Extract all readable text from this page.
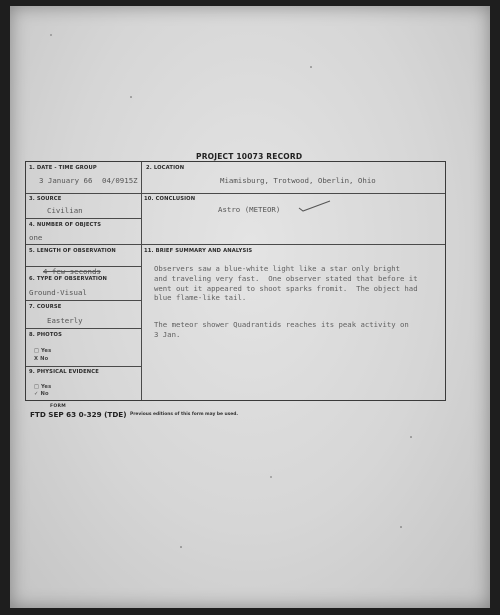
PROJECT 10073 RECORD
1. DATE - TIME GROUP
3 January 66 04/0915Z
2. LOCATION
Miamisburg, Trotwood, Oberlin, Ohio
3. SOURCE
Civilian
10. CONCLUSION
Astro (METEOR)
4. NUMBER OF OBJECTS
one
5. LENGTH OF OBSERVATION
4 few seconds
6. TYPE OF OBSERVATION
Ground-Visual
7. COURSE
Easterly
8. PHOTOS
□ Yes
X No
9. PHYSICAL EVIDENCE
□ Yes
✓ No
11. BRIEF SUMMARY AND ANALYSIS
Observers saw a blue-white light like a star only bright
and traveling very fast.  One observer stated that before it
went out it appeared to shoot sparks fromit.  The object had
blue flame-like tail.
The meteor shower Quadrantids reaches its peak activity on
3 Jan.
FORM
FTD SEP 63 0-329 (TDE) Previous editions of this form may be used.
